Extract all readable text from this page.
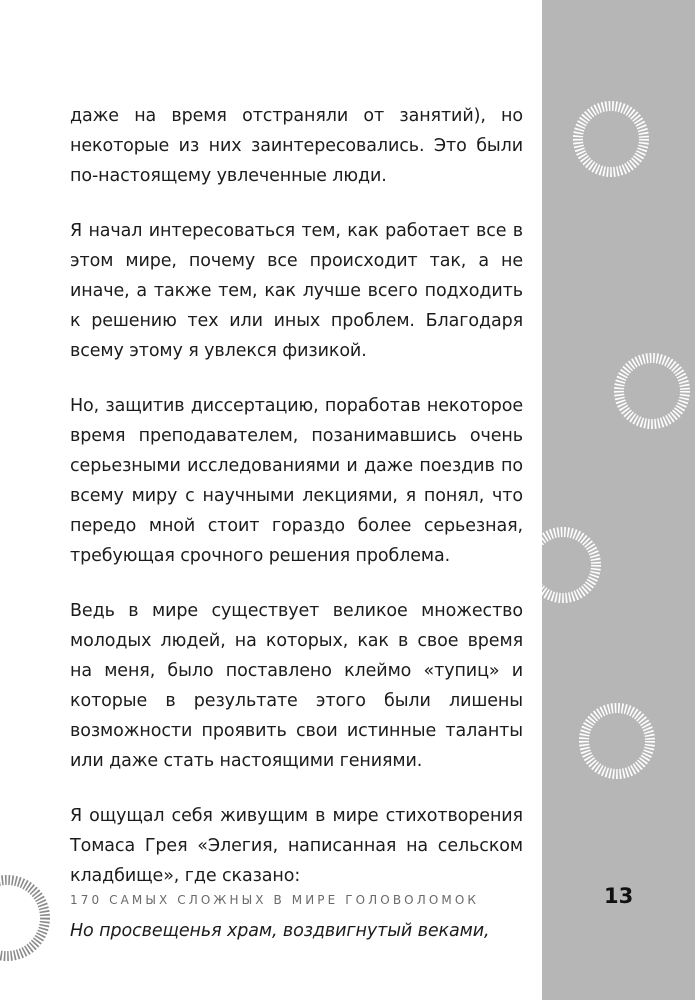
даже на время отстраняли от занятий), но некоторые из них заинтересовались. Это были по-настоящему увлеченные люди.

Я начал интересоваться тем, как работает все в этом мире, почему все происходит так, а не иначе, а также тем, как лучше всего подходить к решению тех или иных проблем. Благодаря всему этому я увлекся физикой.

Но, защитив диссертацию, поработав некоторое время преподавателем, позанимавшись очень серьезными исследованиями и даже поездив по всему миру с научными лекциями, я понял, что передо мной стоит гораздо более серьезная, требующая срочного решения проблема.

Ведь в мире существует великое множество молодых людей, на которых, как в свое время на меня, было поставлено клеймо «тупиц» и которые в результате этого были лишены возможности проявить свои истинные таланты или даже стать настоящими гениями.

Я ощущал себя живущим в мире стихотворения Томаса Грея «Элегия, написанная на сельском кладбище», где сказано:

Но просвещенья храм, воздвигнутый веками,

170 САМЫХ СЛОЖНЫХ В МИРЕ ГОЛОВОЛОМОК	13
